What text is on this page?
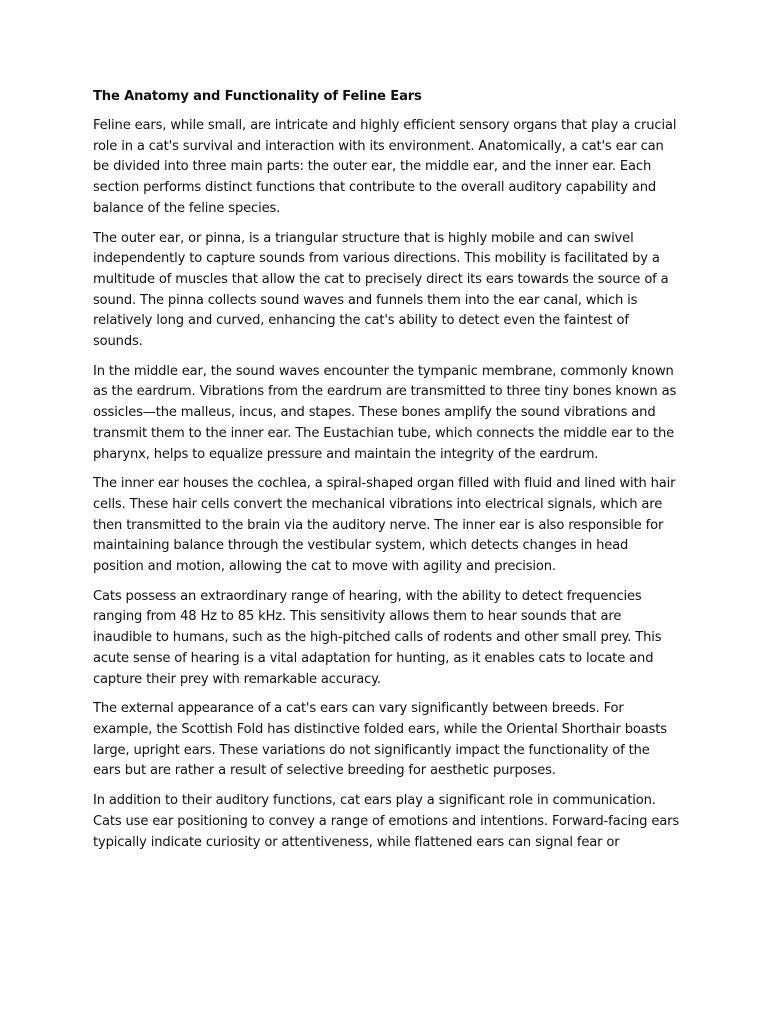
The Anatomy and Functionality of Feline Ears

Feline ears, while small, are intricate and highly efficient sensory organs that play a crucial role in a cat's survival and interaction with its environment. Anatomically, a cat's ear can be divided into three main parts: the outer ear, the middle ear, and the inner ear. Each section performs distinct functions that contribute to the overall auditory capability and balance of the feline species.

The outer ear, or pinna, is a triangular structure that is highly mobile and can swivel independently to capture sounds from various directions. This mobility is facilitated by a multitude of muscles that allow the cat to precisely direct its ears towards the source of a sound. The pinna collects sound waves and funnels them into the ear canal, which is relatively long and curved, enhancing the cat's ability to detect even the faintest of sounds.

In the middle ear, the sound waves encounter the tympanic membrane, commonly known as the eardrum. Vibrations from the eardrum are transmitted to three tiny bones known as ossicles—the malleus, incus, and stapes. These bones amplify the sound vibrations and transmit them to the inner ear. The Eustachian tube, which connects the middle ear to the pharynx, helps to equalize pressure and maintain the integrity of the eardrum.

The inner ear houses the cochlea, a spiral-shaped organ filled with fluid and lined with hair cells. These hair cells convert the mechanical vibrations into electrical signals, which are then transmitted to the brain via the auditory nerve. The inner ear is also responsible for maintaining balance through the vestibular system, which detects changes in head position and motion, allowing the cat to move with agility and precision.

Cats possess an extraordinary range of hearing, with the ability to detect frequencies ranging from 48 Hz to 85 kHz. This sensitivity allows them to hear sounds that are inaudible to humans, such as the high-pitched calls of rodents and other small prey. This acute sense of hearing is a vital adaptation for hunting, as it enables cats to locate and capture their prey with remarkable accuracy.

The external appearance of a cat's ears can vary significantly between breeds. For example, the Scottish Fold has distinctive folded ears, while the Oriental Shorthair boasts large, upright ears. These variations do not significantly impact the functionality of the ears but are rather a result of selective breeding for aesthetic purposes.

In addition to their auditory functions, cat ears play a significant role in communication. Cats use ear positioning to convey a range of emotions and intentions. Forward-facing ears typically indicate curiosity or attentiveness, while flattened ears can signal fear or
